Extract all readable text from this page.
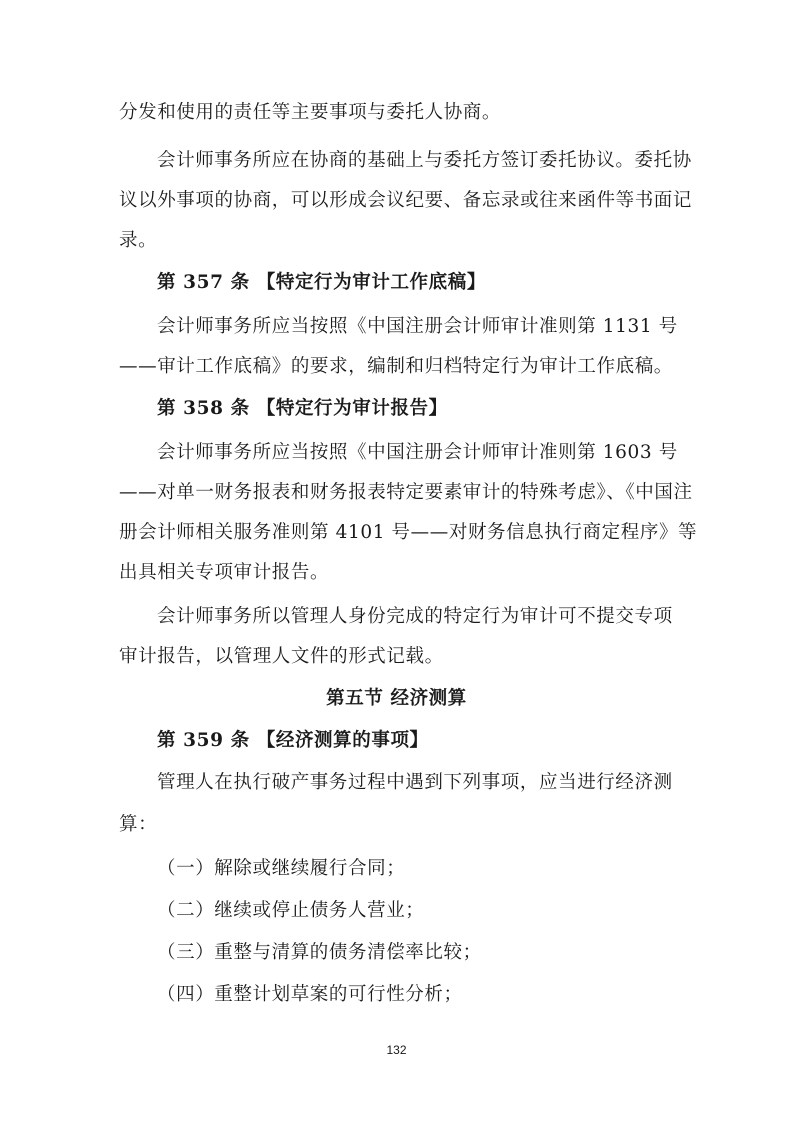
分发和使用的责任等主要事项与委托人协商。
会计师事务所应在协商的基础上与委托方签订委托协议。委托协
议以外事项的协商，可以形成会议纪要、备忘录或往来函件等书面记
录。
第 357 条 【特定行为审计工作底稿】
会计师事务所应当按照《中国注册会计师审计准则第 1131 号
——审计工作底稿》的要求，编制和归档特定行为审计工作底稿。
第 358 条 【特定行为审计报告】
会计师事务所应当按照《中国注册会计师审计准则第 1603 号
——对单一财务报表和财务报表特定要素审计的特殊考虑》、《中国注
册会计师相关服务准则第 4101 号——对财务信息执行商定程序》等
出具相关专项审计报告。
会计师事务所以管理人身份完成的特定行为审计可不提交专项
审计报告，以管理人文件的形式记载。
第五节 经济测算
第 359 条 【经济测算的事项】
管理人在执行破产事务过程中遇到下列事项，应当进行经济测
算：
（一）解除或继续履行合同；
（二）继续或停止债务人营业；
（三）重整与清算的债务清偿率比较；
（四）重整计划草案的可行性分析；
132
